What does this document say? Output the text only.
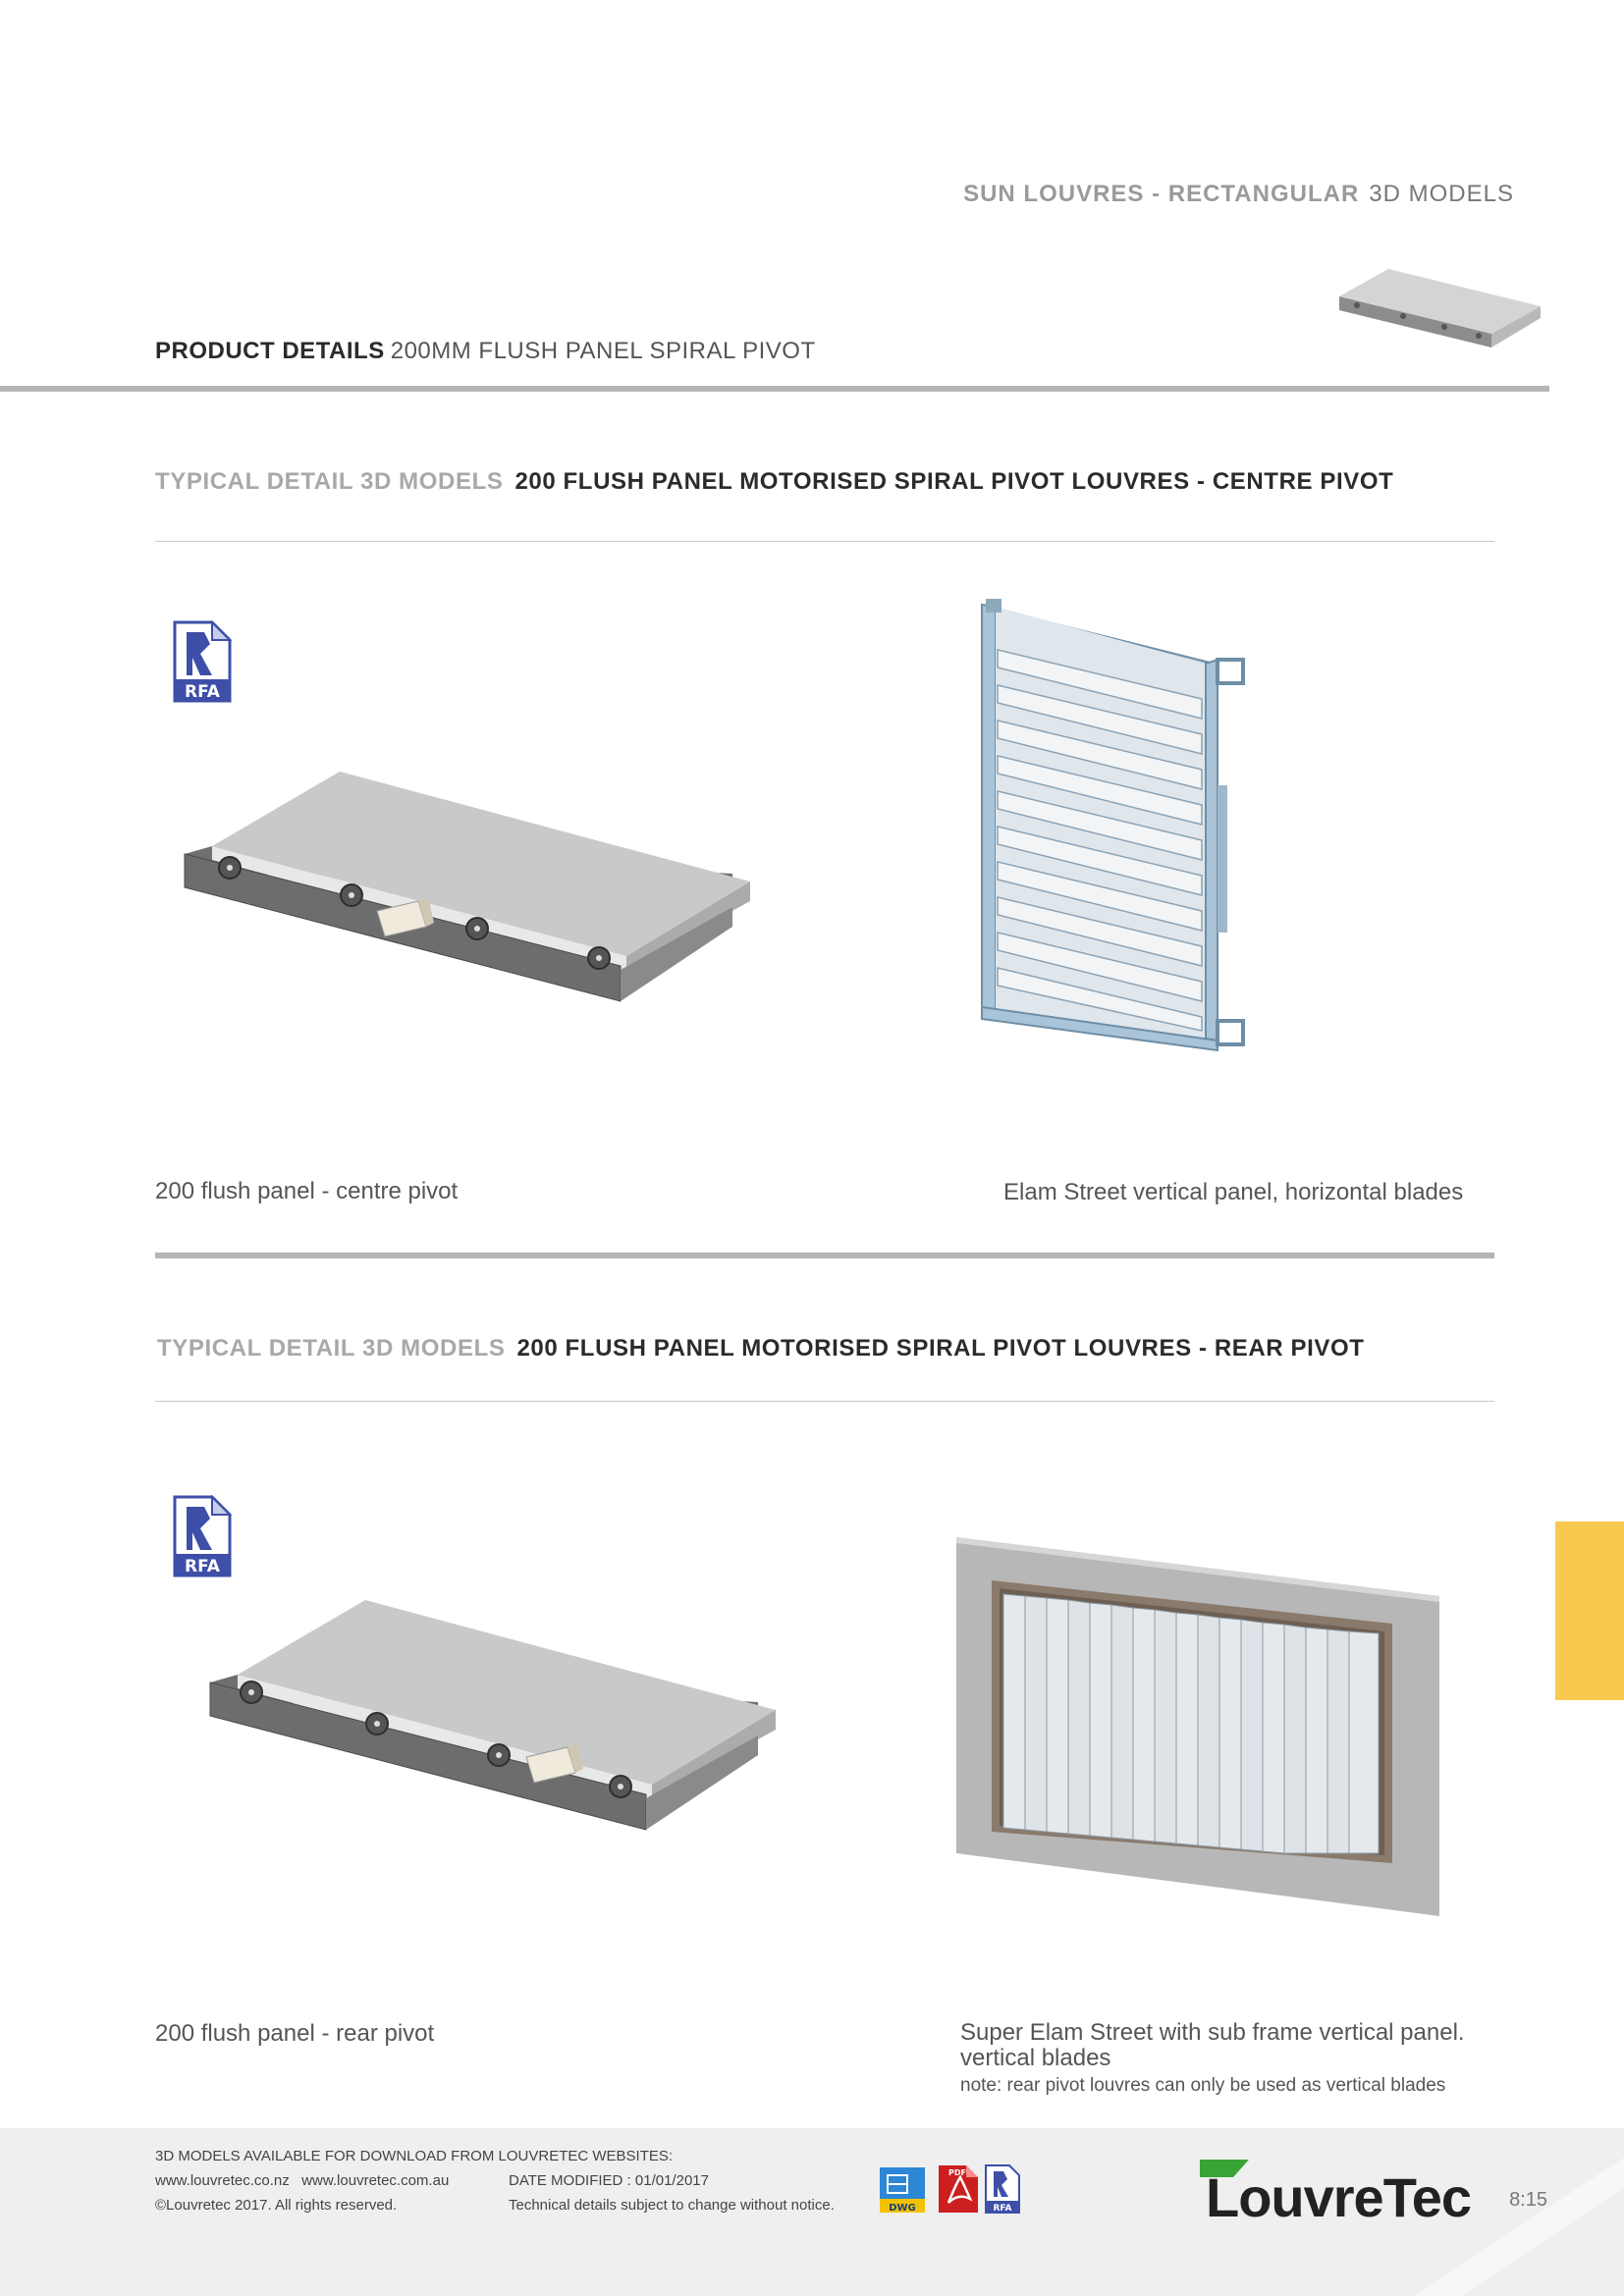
SUN LOUVRES - RECTANGULAR 3D MODELS
PRODUCT DETAILS 200MM FLUSH PANEL SPIRAL PIVOT
TYPICAL DETAIL 3D MODELS 200 FLUSH PANEL MOTORISED SPIRAL PIVOT LOUVRES - CENTRE PIVOT
RFA
200 flush panel - centre pivot	Elam Street vertical panel, horizontal blades
TYPICAL DETAIL 3D MODELS 200 FLUSH PANEL MOTORISED SPIRAL PIVOT LOUVRES - REAR PIVOT
RFA
200 flush panel - rear pivot	Super Elam Street with sub frame vertical panel.
vertical blades
note: rear pivot louvres can only be used as vertical blades
3D MODELS AVAILABLE FOR DOWNLOAD FROM LOUVRETEC WEBSITES:
www.louvretec.co.nz   www.louvretec.com.au
©Louvretec 2017. All rights reserved.
DATE MODIFIED : 01/01/2017
Technical details subject to change without notice.	DWG
PDF
RFA	LouvreTec 8:15
